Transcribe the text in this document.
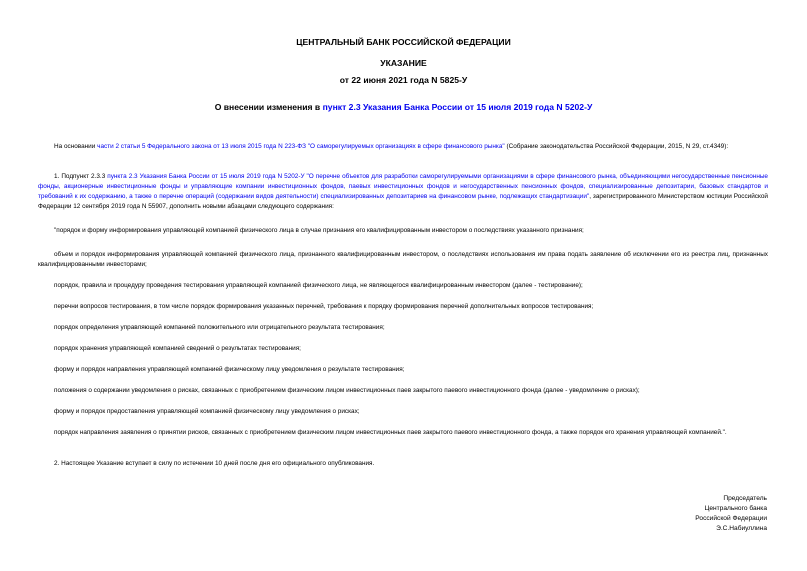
ЦЕНТРАЛЬНЫЙ БАНК РОССИЙСКОЙ ФЕДЕРАЦИИ
УКАЗАНИЕ
от 22 июня 2021 года N 5825-У
О внесении изменения в пункт 2.3 Указания Банка России от 15 июля 2019 года N 5202-У
На основании части 2 статьи 5 Федерального закона от 13 июля 2015 года N 223-ФЗ "О саморегулируемых организациях в сфере финансового рынка" (Собрание законодательства Российской Федерации, 2015, N 29, ст.4349):
1. Подпункт 2.3.3 пункта 2.3 Указания Банка России от 15 июля 2019 года N 5202-У "О перечне объектов для разработки саморегулируемыми организациями в сфере финансового рынка, объединяющими негосударственные пенсионные фонды, акционерные инвестиционные фонды и управляющие компании инвестиционных фондов, паевых инвестиционных фондов и негосударственных пенсионных фондов, специализированные депозитарии, базовых стандартов и требований к их содержанию, а также о перечне операций (содержании видов деятельности) специализированных депозитариев на финансовом рынке, подлежащих стандартизации", зарегистрированного Министерством юстиции Российской Федерации 12 сентября 2019 года N 55907, дополнить новыми абзацами следующего содержания:
"порядок и форму информирования управляющей компанией физического лица в случае признания его квалифицированным инвестором о последствиях указанного признания;
объем и порядок информирования управляющей компанией физического лица, признанного квалифицированным инвестором, о последствиях использования им права подать заявление об исключении его из реестра лиц, признанных квалифицированными инвесторами;
порядок, правила и процедуру проведения тестирования управляющей компанией физического лица, не являющегося квалифицированным инвестором (далее - тестирование);
перечни вопросов тестирования, в том числе порядок формирования указанных перечней, требования к порядку формирования перечней дополнительных вопросов тестирования;
порядок определения управляющей компанией положительного или отрицательного результата тестирования;
порядок хранения управляющей компанией сведений о результатах тестирования;
форму и порядок направления управляющей компанией физическому лицу уведомления о результате тестирования;
положения о содержании уведомления о рисках, связанных с приобретением физическим лицом инвестиционных паев закрытого паевого инвестиционного фонда (далее - уведомление о рисках);
форму и порядок предоставления управляющей компанией физическому лицу уведомления о рисках;
порядок направления заявления о принятии рисков, связанных с приобретением физическим лицом инвестиционных паев закрытого паевого инвестиционного фонда, а также порядок его хранения управляющей компанией.".
2. Настоящее Указание вступает в силу по истечении 10 дней после дня его официального опубликования.
Председатель
Центрального банка
Российской Федерации
Э.С.Набиуллина
